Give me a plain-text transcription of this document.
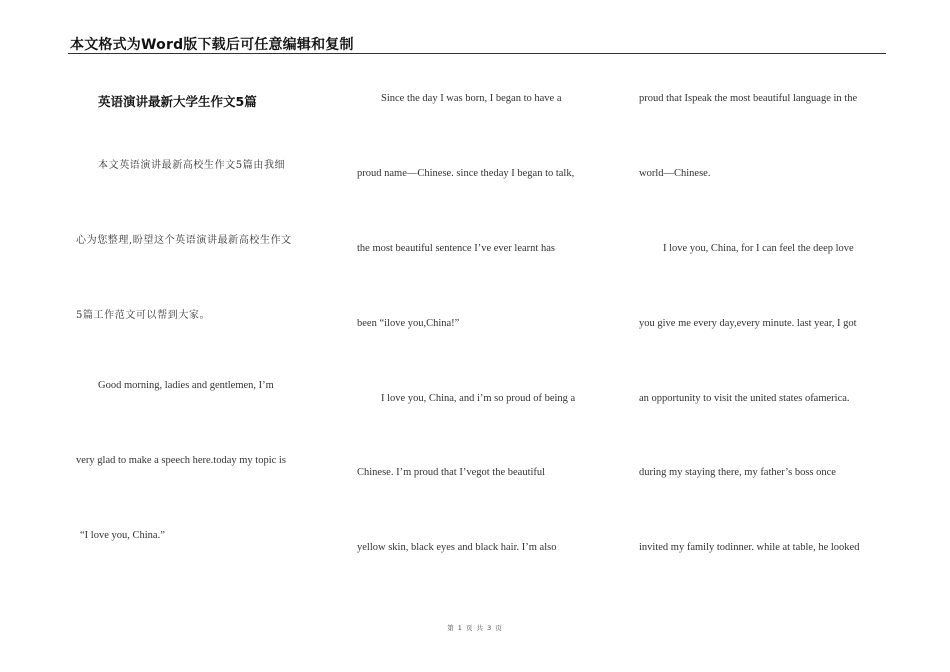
本文格式为Word版下载后可任意编辑和复制
英语演讲最新大学生作文5篇
本文英语演讲最新高校生作文5篇由我细
心为您整理,盼望这个英语演讲最新高校生作文
5篇工作范文可以帮到大家。
Good morning, ladies and gentlemen, I’m
very glad to make a speech here.today my topic is
“I love you, China.”
Since the day I was born, I began to have a
proud name—Chinese. since theday I began to talk,
the most beautiful sentence I’ve ever learnt has
been “ilove you,China!”
I love you, China, and i’m so proud of being a
Chinese. I’m proud that I’vegot the beautiful
yellow skin, black eyes and black hair. I’m also
proud that Ispeak the most beautiful language in the
world—Chinese.
I love you, China, for I can feel the deep love
you give me every day,every minute. last year, I got
an opportunity to visit the united states ofamerica.
during my staying there, my father’s boss once
invited my family todinner. while at table, he looked
第 1 页 共 3 页
